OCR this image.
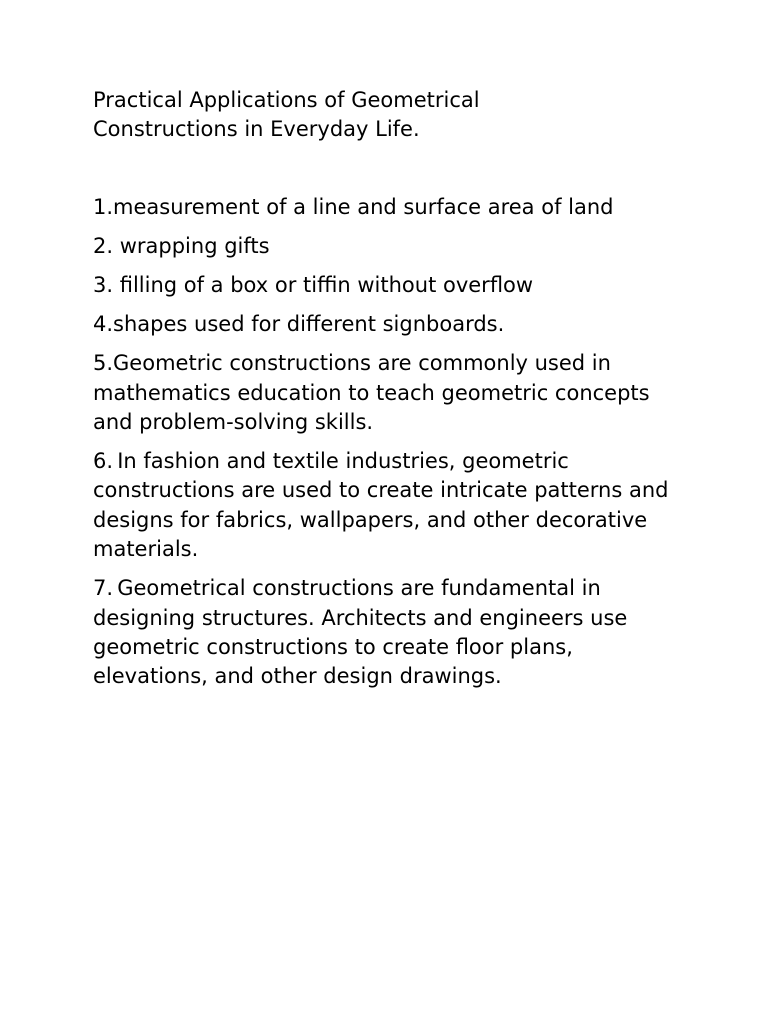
Practical Applications of Geometrical
Constructions in Everyday Life.
1.measurement of a line and surface area of land
2. wrapping gifts
3. filling of a box or tiffin without overflow
4.shapes used for different signboards.
5.Geometric constructions are commonly used in mathematics education to teach geometric concepts and problem-solving skills.
6. In fashion and textile industries, geometric constructions are used to create intricate patterns and designs for fabrics, wallpapers, and other decorative materials.
7. Geometrical constructions are fundamental in designing structures. Architects and engineers use geometric constructions to create floor plans, elevations, and other design drawings.
